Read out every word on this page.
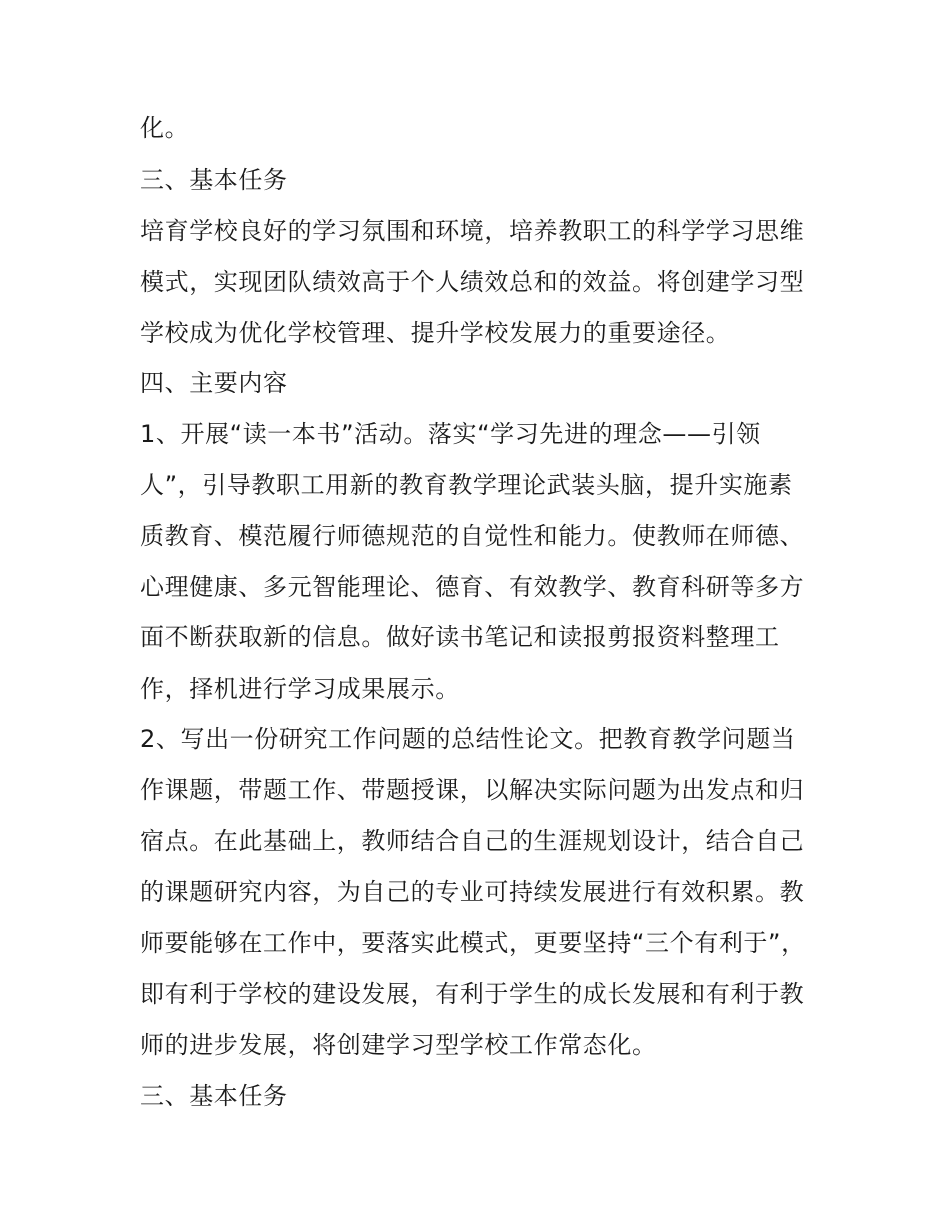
化。
三、基本任务
培育学校良好的学习氛围和环境，培养教职工的科学学习思维
模式，实现团队绩效高于个人绩效总和的效益。将创建学习型
学校成为优化学校管理、提升学校发展力的重要途径。
四、主要内容
1、开展“读一本书”活动。落实“学习先进的理念——引领
人”，引导教职工用新的教育教学理论武装头脑，提升实施素
质教育、模范履行师德规范的自觉性和能力。使教师在师德、
心理健康、多元智能理论、德育、有效教学、教育科研等多方
面不断获取新的信息。做好读书笔记和读报剪报资料整理工
作，择机进行学习成果展示。
2、写出一份研究工作问题的总结性论文。把教育教学问题当
作课题，带题工作、带题授课，以解决实际问题为出发点和归
宿点。在此基础上，教师结合自己的生涯规划设计，结合自己
的课题研究内容，为自己的专业可持续发展进行有效积累。教
师要能够在工作中，要落实此模式，更要坚持“三个有利于”，
即有利于学校的建设发展，有利于学生的成长发展和有利于教
师的进步发展，将创建学习型学校工作常态化。
三、基本任务
